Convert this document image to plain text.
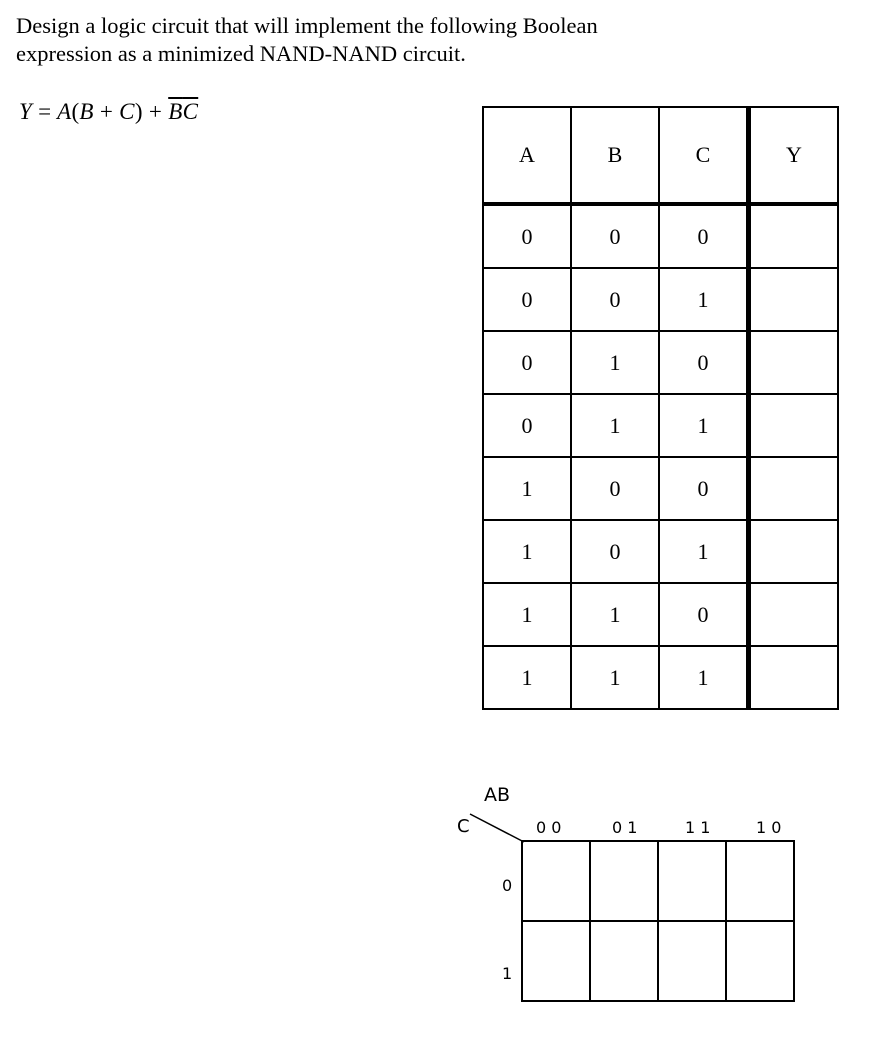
Design a logic circuit that will implement the following Boolean
expression as a minimized NAND-NAND circuit.
Y = A(B + C) + BC
A	B	C	Y
0	0	0	
0	0	1	
0	1	0	
0	1	1	
1	0	0	
1	0	1	
1	1	0	
1	1	1	
AB
C	0 0	0 1	1 1	1 0
0
1
